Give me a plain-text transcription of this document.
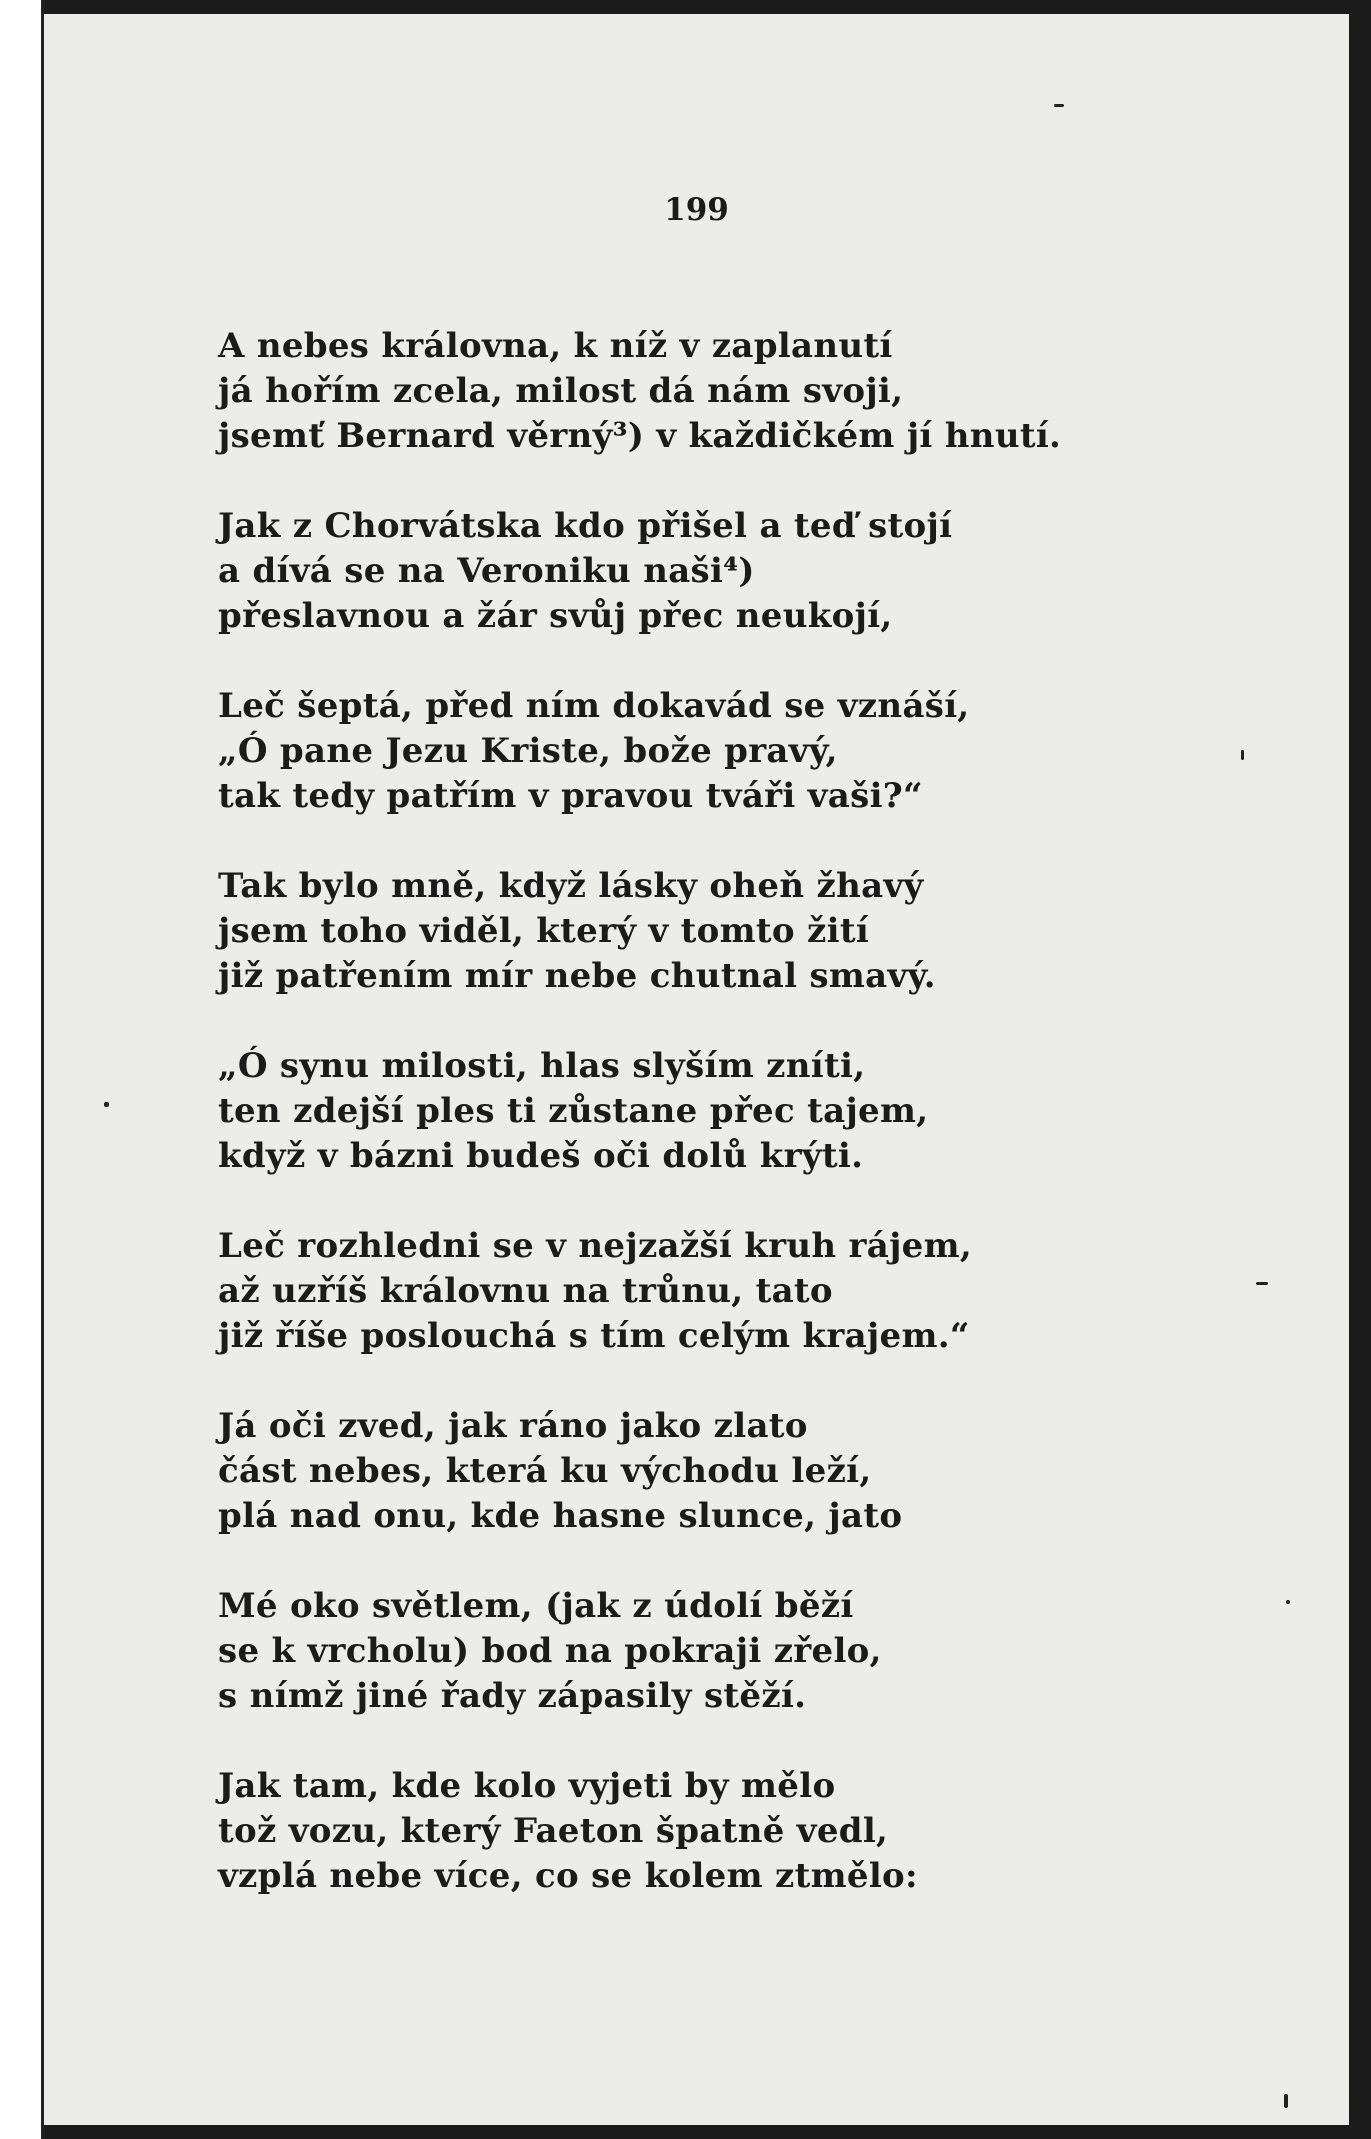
199
A nebes královna, k níž v zaplanutí
já hořím zcela, milost dá nám svoji,
jsemť Bernard věrný³) v každičkém jí hnutí.
Jak z Chorvátska kdo přišel a teď stojí
a dívá se na Veroniku naši⁴)
přeslavnou a žár svůj přec neukojí,
Leč šeptá, před ním dokavád se vznáší,
„Ó pane Jezu Kriste, bože pravý,
tak tedy patřím v pravou tváři vaši?“
Tak bylo mně, když lásky oheň žhavý
jsem toho viděl, který v tomto žití
již patřením mír nebe chutnal smavý.
„Ó synu milosti, hlas slyším zníti,
ten zdejší ples ti zůstane přec tajem,
když v bázni budeš oči dolů krýti.
Leč rozhledni se v nejzažší kruh rájem,
až uzříš královnu na trůnu, tato
již říše poslouchá s tím celým krajem.“
Já oči zved, jak ráno jako zlato
část nebes, která ku východu leží,
plá nad onu, kde hasne slunce, jato
Mé oko světlem, (jak z údolí běží
se k vrcholu) bod na pokraji zřelo,
s nímž jiné řady zápasily stěží.
Jak tam, kde kolo vyjeti by mělo
tož vozu, který Faeton špatně vedl,
vzplá nebe více, co se kolem ztmělo:
